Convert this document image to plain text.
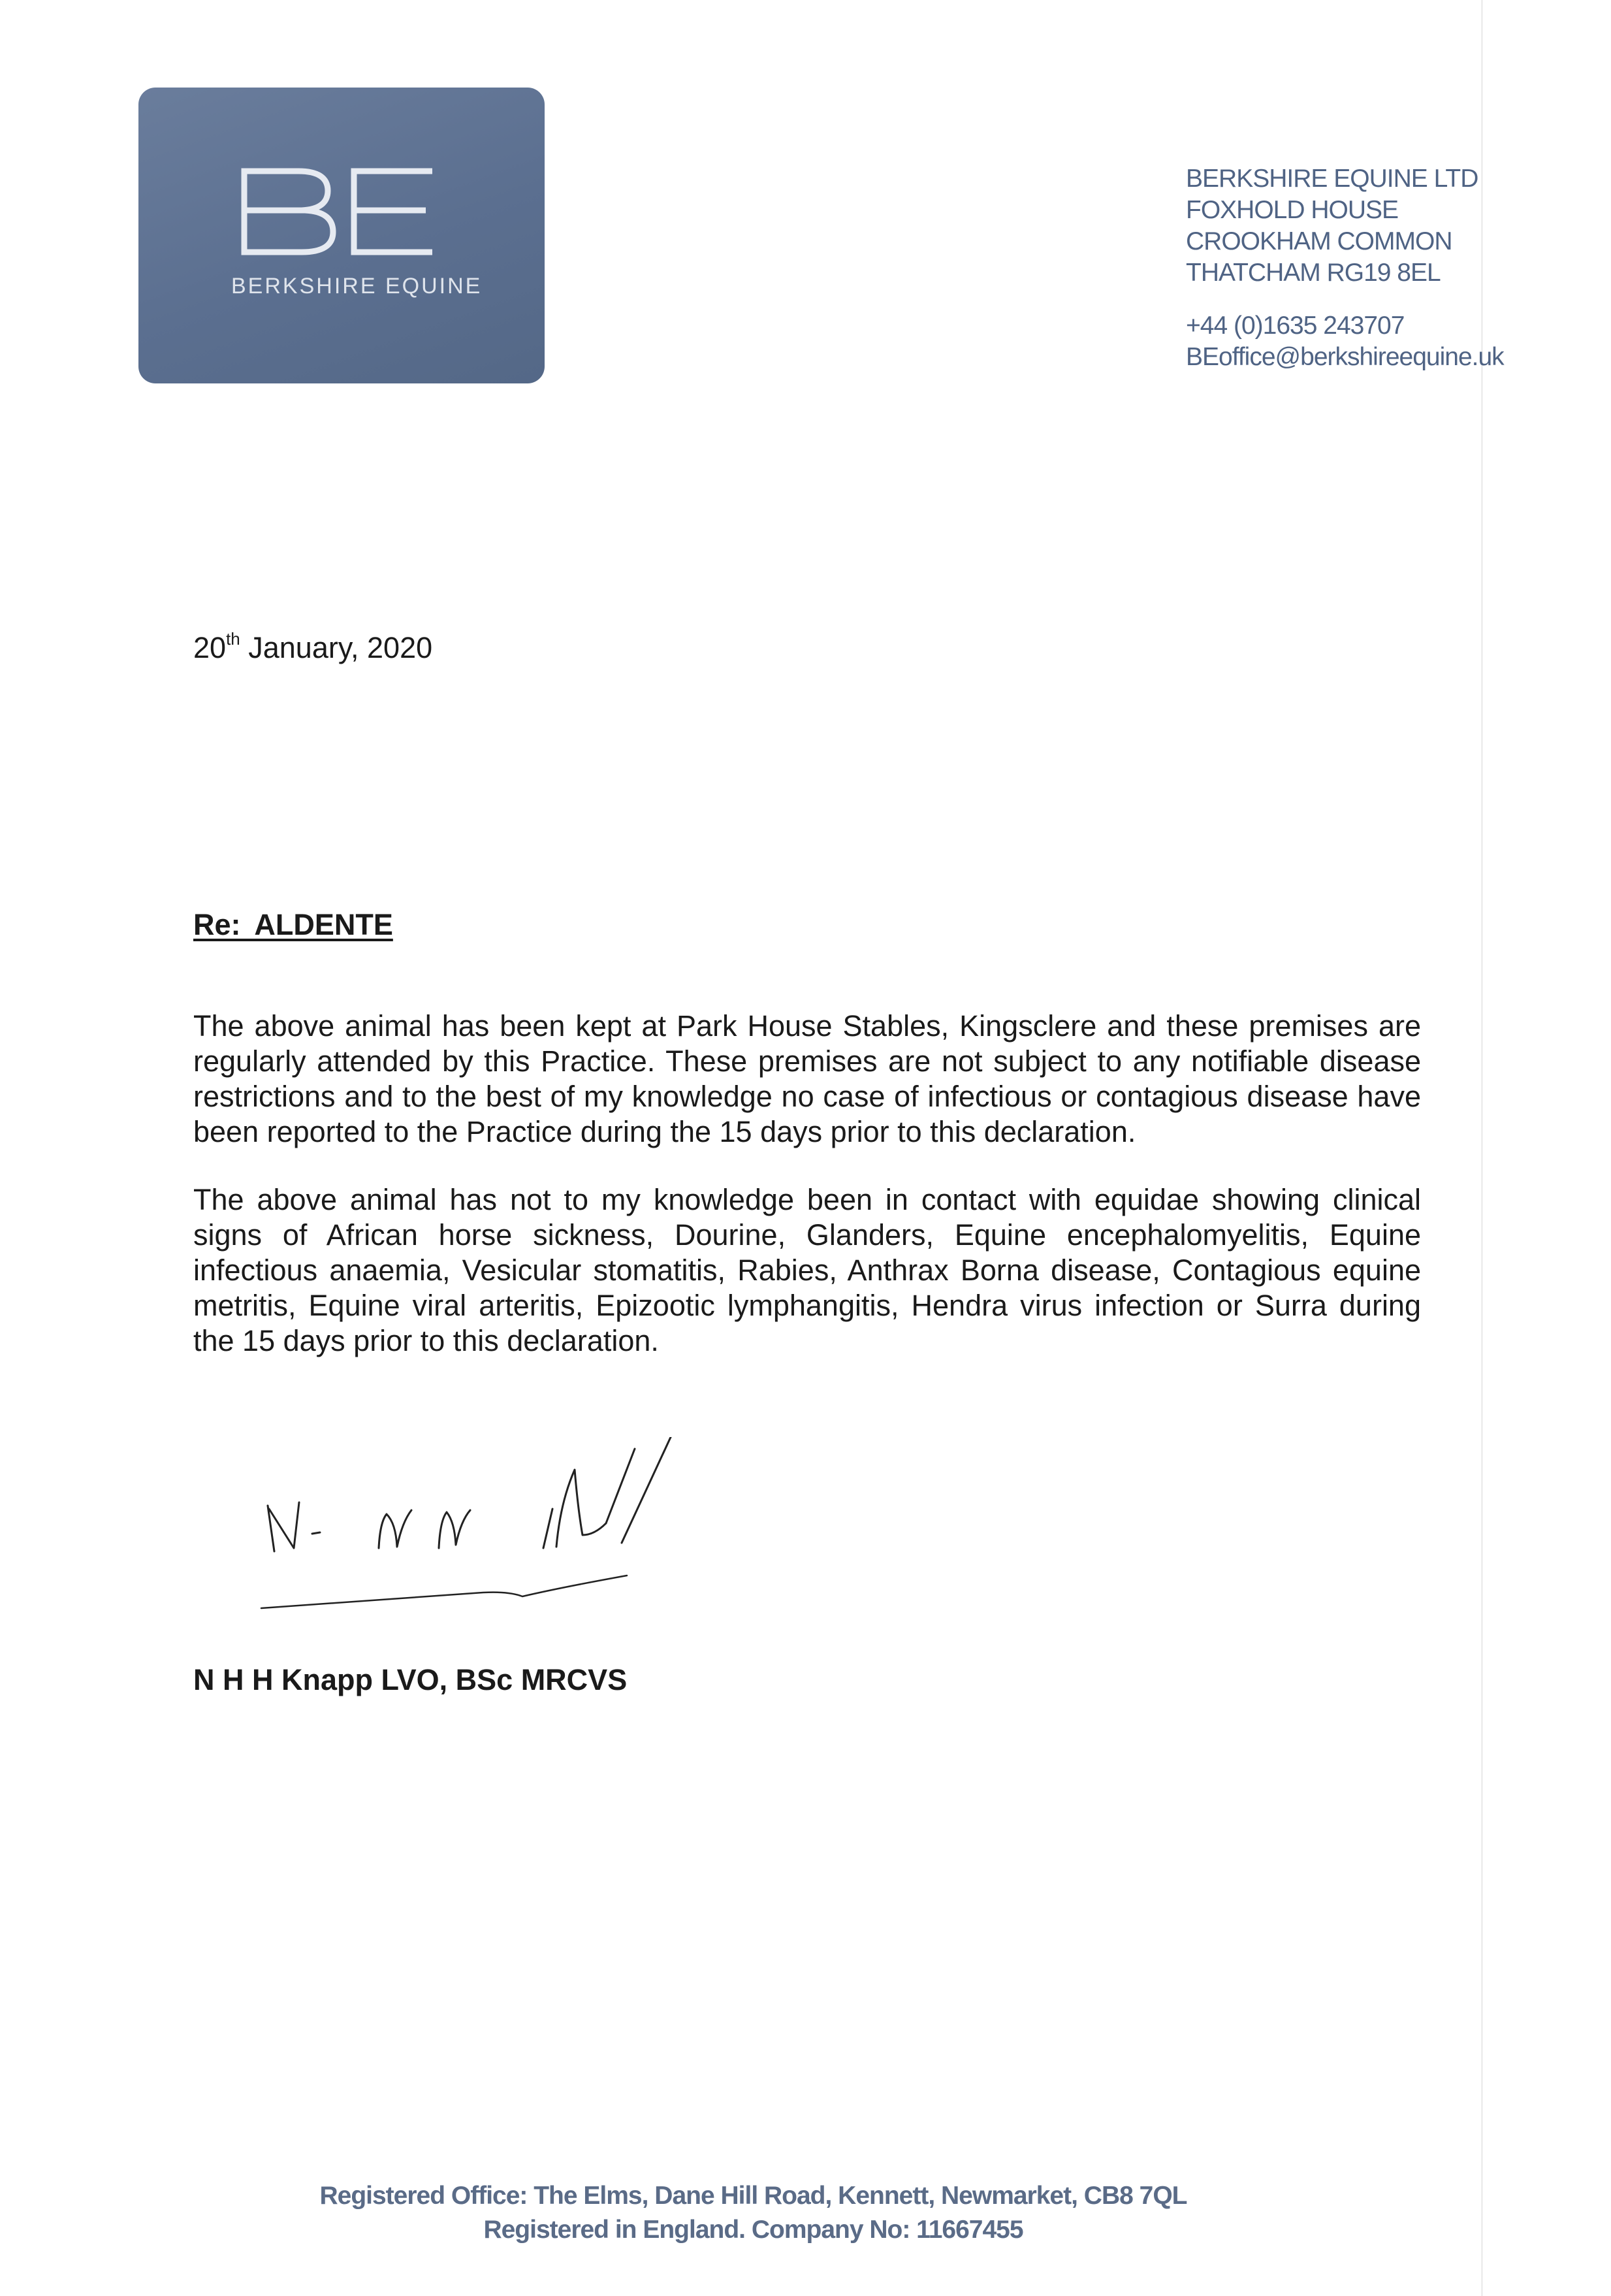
BERKSHIRE EQUINE
BERKSHIRE EQUINE LTD
FOXHOLD HOUSE
CROOKHAM COMMON
THATCHAM RG19 8EL
+44 (0)1635 243707
BEoffice@berkshireequine.uk
20th January, 2020
Re: ALDENTE
The above animal has been kept at Park House Stables, Kingsclere and these premises are
regularly attended by this Practice. These premises are not subject to any notifiable disease
restrictions and to the best of my knowledge no case of infectious or contagious disease have
been reported to the Practice during the 15 days prior to this declaration.
The above animal has not to my knowledge been in contact with equidae showing clinical
signs of African horse sickness, Dourine, Glanders, Equine encephalomyelitis, Equine
infectious anaemia, Vesicular stomatitis, Rabies, Anthrax Borna disease, Contagious equine
metritis, Equine viral arteritis, Epizootic lymphangitis, Hendra virus infection or Surra during
the 15 days prior to this declaration.
N H H Knapp LVO, BSc MRCVS
Registered Office: The Elms, Dane Hill Road, Kennett, Newmarket, CB8 7QL
Registered in England. Company No: 11667455
